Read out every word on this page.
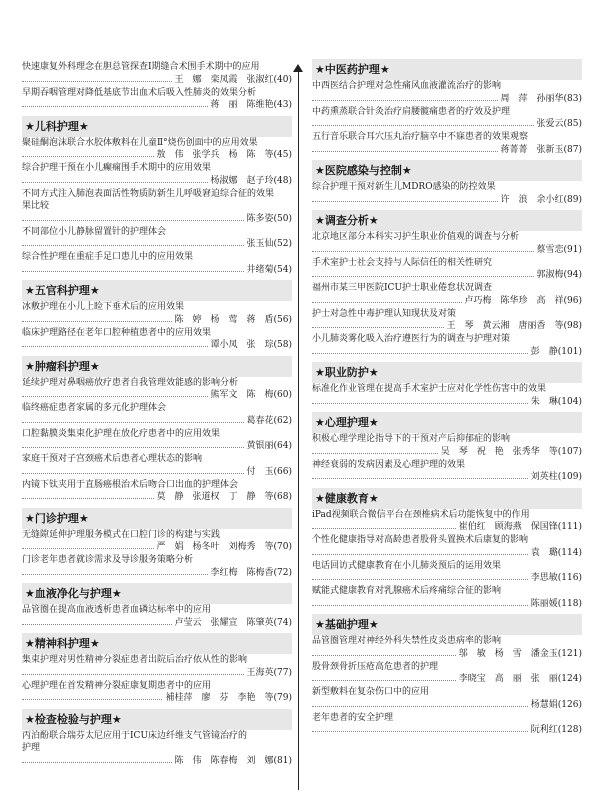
快速康复外科理念在胆总管探查Ⅰ期缝合术围手术期中的应用
王　娜　栾凤霞　张淑红(40)
早期吞咽管理对降低基底节出血术后吸入性肺炎的效果分析
蒋　丽　陈维艳(43)
★儿科护理★
聚硅酮泡沫联合水胶体敷料在儿童Ⅱ°烧伤创面中的应用效果
敖　伟　张学兵　杨　陈　等(45)
综合护理干预在小儿癫痫围手术期中的应用效果
杨淑娜　赵子玲(48)
不同方式注入肺泡表面活性物质防新生儿呼吸窘迫综合征的效果
果比较
陈多姿(50)
不同部位小儿静脉留置针的护理体会
张玉仙(52)
综合性护理在重症手足口患儿中的应用效果
井绪菊(54)
★五官科护理★
冰敷护理在小儿上睑下垂术后的应用效果
陈　婷　杨　莺　蒋　盾(56)
临床护理路径在老年口腔种植患者中的应用效果
谭小凤　张　琮(58)
★肿瘤科护理★
延续护理对鼻咽癌放疗患者自我管理效能感的影响分析
熊军文　陈　梅(60)
临终癌症患者家属的多元化护理体会
葛春花(62)
口腔黏膜炎集束化护理在放化疗患者中的应用效果
黄银丽(64)
家庭干预对子宫颈癌术后患者心理状态的影响
付　玉(66)
内镜下钛夹用于直肠癌根治术后吻合口出血的护理体会
莫　静　张道权　丁　静　等(68)
★门诊护理★
无缝隙延伸护理服务模式在口腔门诊的构建与实践
严　娟　杨冬叶　刘梅秀　等(70)
门诊老年患者就诊需求及导诊服务策略分析
李红梅　陈梅香(72)
★血液净化与护理★
品管圈在提高血液透析患者血磷达标率中的应用
卢莹云　张耀宣　陈肇英(74)
★精神科护理★
集束护理对男性精神分裂症患者出院后治疗依从性的影响
王海英(77)
心理护理在首发精神分裂症康复期患者中的应用
補桂萍　廖　芬　李艳　等(79)
★检查检验与护理★
丙泊酚联合瑞芬太尼应用于ICU床边纤维支气管镜治疗的
护理
陈　伟　陈春梅　刘　娜(81)
★中医药护理★
中西医结合护理对急性痛风血液灌流治疗的影响
周　萍　孙丽华(83)
中药熏蒸联合针灸治疗肩腰髋痛患者的疗效及护理
张爱云(85)
五行音乐联合耳穴压丸治疗脑卒中不寐患者的效果观察
蒋菁菁　张新玉(87)
★医院感染与控制★
综合护理干预对新生儿MDRO感染的防控效果
许　浪　余小红(89)
★调查分析★
北京地区部分本科实习护生职业价值观的调查与分析
蔡雪恋(91)
手术室护士社会支持与人际信任的相关性研究
郭淑梅(94)
福州市某三甲医院ICU护士职业倦怠状况调查
卢巧梅　陈华珍　高　祥(96)
护士对急性中毒护理认知现状及对策
王　琴　黄云湘　唐丽香　等(98)
小儿肺炎雾化吸入治疗遵医行为的调查与护理对策
彭　静(101)
★职业防护★
标准化作业管理在提高手术室护士应对化学性伤害中的效果
朱　琳(104)
★心理护理★
积极心理学理论指导下的干预对产后抑郁症的影响
吴　琴　祝　艳　张秀华　等(107)
神经衰弱的发病因素及心理护理的效果
刘英柱(109)
★健康教育★
iPad视频联合微信平台在颈椎病术后功能恢复中的作用
崔伯红　顾海燕　保国锋(111)
个性化健康指导对高龄患者股骨头置换术后康复的影响
袁　璐(114)
电话回访式健康教育在小儿肺炎预后的运用效果
李思敏(116)
赋能式健康教育对乳腺癌术后疼痛综合征的影响
陈丽媛(118)
★基础护理★
品管圈管理对神经外科失禁性皮炎患病率的影响
邬　敏　杨　雪　潘金玉(121)
股骨颈骨折压疮高危患者的护理
李晓宝　高　丽　张　丽(124)
新型敷料在复杂伤口中的应用
杨慧娟(126)
老年患者的安全护理
阮利红(128)
